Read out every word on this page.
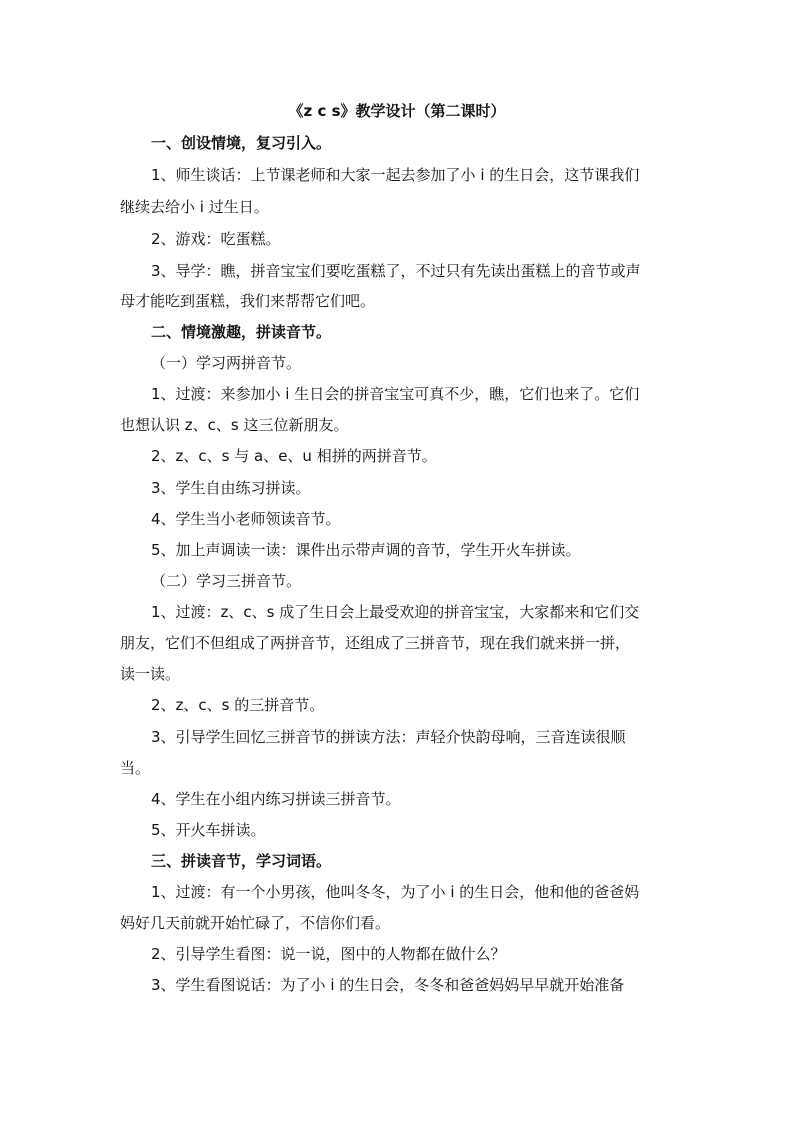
《z c s》教学设计（第二课时）
一、创设情境，复习引入。
1、师生谈话：上节课老师和大家一起去参加了小 i 的生日会，这节课我们
继续去给小 i 过生日。
2、游戏：吃蛋糕。
3、导学：瞧，拼音宝宝们要吃蛋糕了，不过只有先读出蛋糕上的音节或声
母才能吃到蛋糕，我们来帮帮它们吧。
二、情境激趣，拼读音节。
（一）学习两拼音节。
1、过渡：来参加小 i 生日会的拼音宝宝可真不少，瞧，它们也来了。它们
也想认识 z、c、s 这三位新朋友。
2、z、c、s 与 a、e、u 相拼的两拼音节。
3、学生自由练习拼读。
4、学生当小老师领读音节。
5、加上声调读一读：课件出示带声调的音节，学生开火车拼读。
（二）学习三拼音节。
1、过渡：z、c、s 成了生日会上最受欢迎的拼音宝宝，大家都来和它们交
朋友，它们不但组成了两拼音节，还组成了三拼音节，现在我们就来拼一拼，
读一读。
2、z、c、s 的三拼音节。
3、引导学生回忆三拼音节的拼读方法：声轻介快韵母响，三音连读很顺
当。
4、学生在小组内练习拼读三拼音节。
5、开火车拼读。
三、拼读音节，学习词语。
1、过渡：有一个小男孩，他叫冬冬，为了小 i 的生日会，他和他的爸爸妈
妈好几天前就开始忙碌了，不信你们看。
2、引导学生看图：说一说，图中的人物都在做什么？
3、学生看图说话：为了小 i 的生日会，冬冬和爸爸妈妈早早就开始准备
